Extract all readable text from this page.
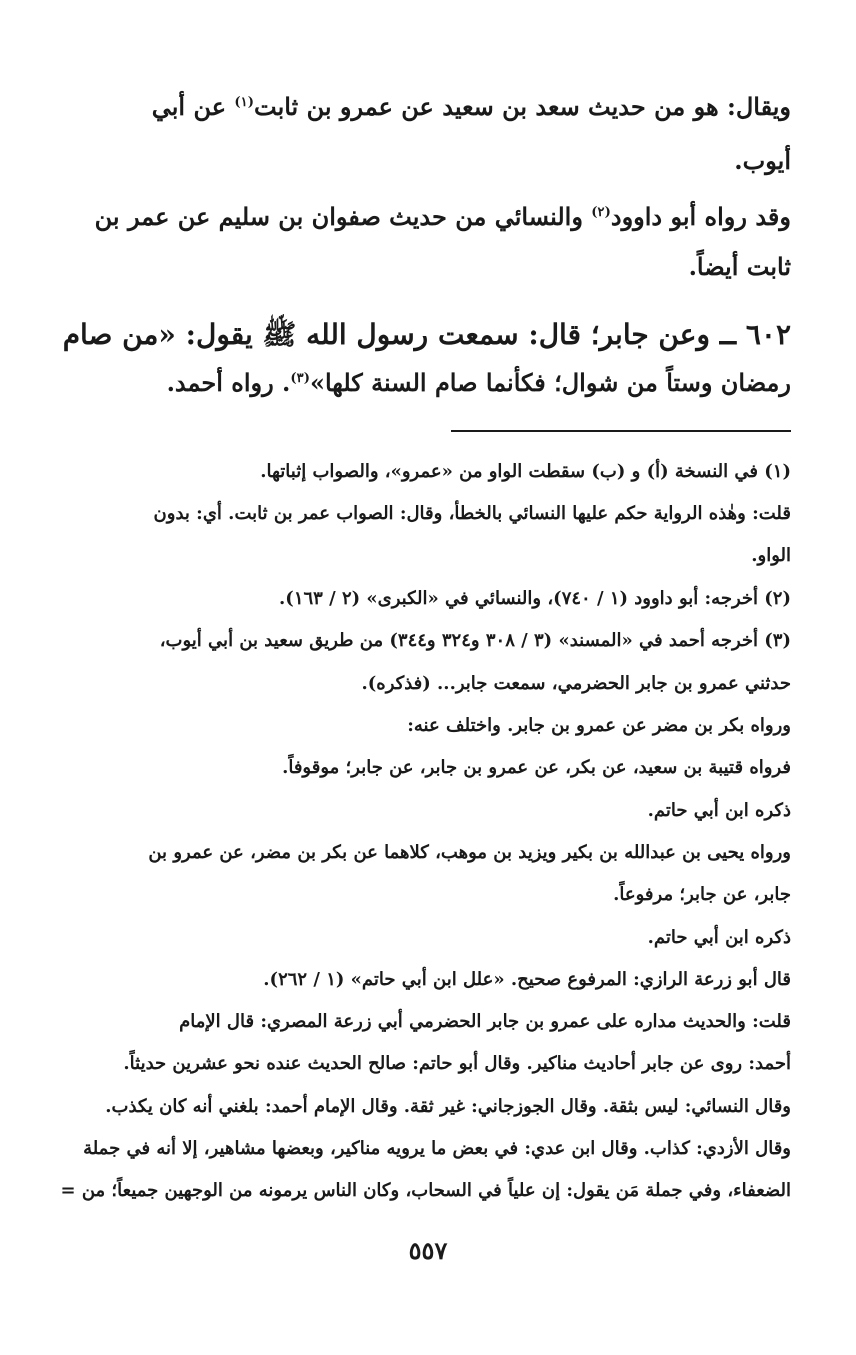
ويقال: هو من حديث سعد بن سعيد عن عمرو بن ثابت$^{(١)}$ عن أبي
أيوب.
وقد رواه أبو داوود$^{(٢)}$ والنسائي من حديث صفوان بن سليم عن عمر بن
ثابت أيضاً.
٦٠٢ ــ وعن جابر؛ قال: سمعت رسول الله ﷺ يقول: «من صام
رمضان وستاً من شوال؛ فكأنما صام السنة كلها»$^{(٣)}$. رواه أحمد.
(١) في النسخة (أ) و (ب) سقطت الواو من «عمرو»، والصواب إثباتها.
قلت: وهٰذه الرواية حكم عليها النسائي بالخطأ، وقال: الصواب عمر بن ثابت. أي: بدون
الواو.
(٢) أخرجه: أبو داوود (١ / ٧٤٠)، والنسائي في «الكبرى» (٢ / ١٦٣).
(٣) أخرجه أحمد في «المسند» (٣ / ٣٠٨ و٣٢٤ و٣٤٤) من طريق سعيد بن أبي أيوب،
حدثني عمرو بن جابر الحضرمي، سمعت جابر... (فذكره).
ورواه بكر بن مضر عن عمرو بن جابر. واختلف عنه:
فرواه قتيبة بن سعيد، عن بكر، عن عمرو بن جابر، عن جابر؛ موقوفاً.
ذكره ابن أبي حاتم.
ورواه يحيى بن عبدالله بن بكير ويزيد بن موهب، كلاهما عن بكر بن مضر، عن عمرو بن
جابر، عن جابر؛ مرفوعاً.
ذكره ابن أبي حاتم.
قال أبو زرعة الرازي: المرفوع صحيح. «علل ابن أبي حاتم» (١ / ٢٦٢).
قلت: والحديث مداره على عمرو بن جابر الحضرمي أبي زرعة المصري: قال الإمام
أحمد: روى عن جابر أحاديث مناكير. وقال أبو حاتم: صالح الحديث عنده نحو عشرين حديثاً.
وقال النسائي: ليس بثقة. وقال الجوزجاني: غير ثقة. وقال الإمام أحمد: بلغني أنه كان يكذب.
وقال الأزدي: كذاب. وقال ابن عدي: في بعض ما يرويه مناكير، وبعضها مشاهير، إلا أنه في جملة
الضعفاء، وفي جملة مَن يقول: إن علياً في السحاب، وكان الناس يرمونه من الوجهين جميعاً؛ من =
٥٥٧
